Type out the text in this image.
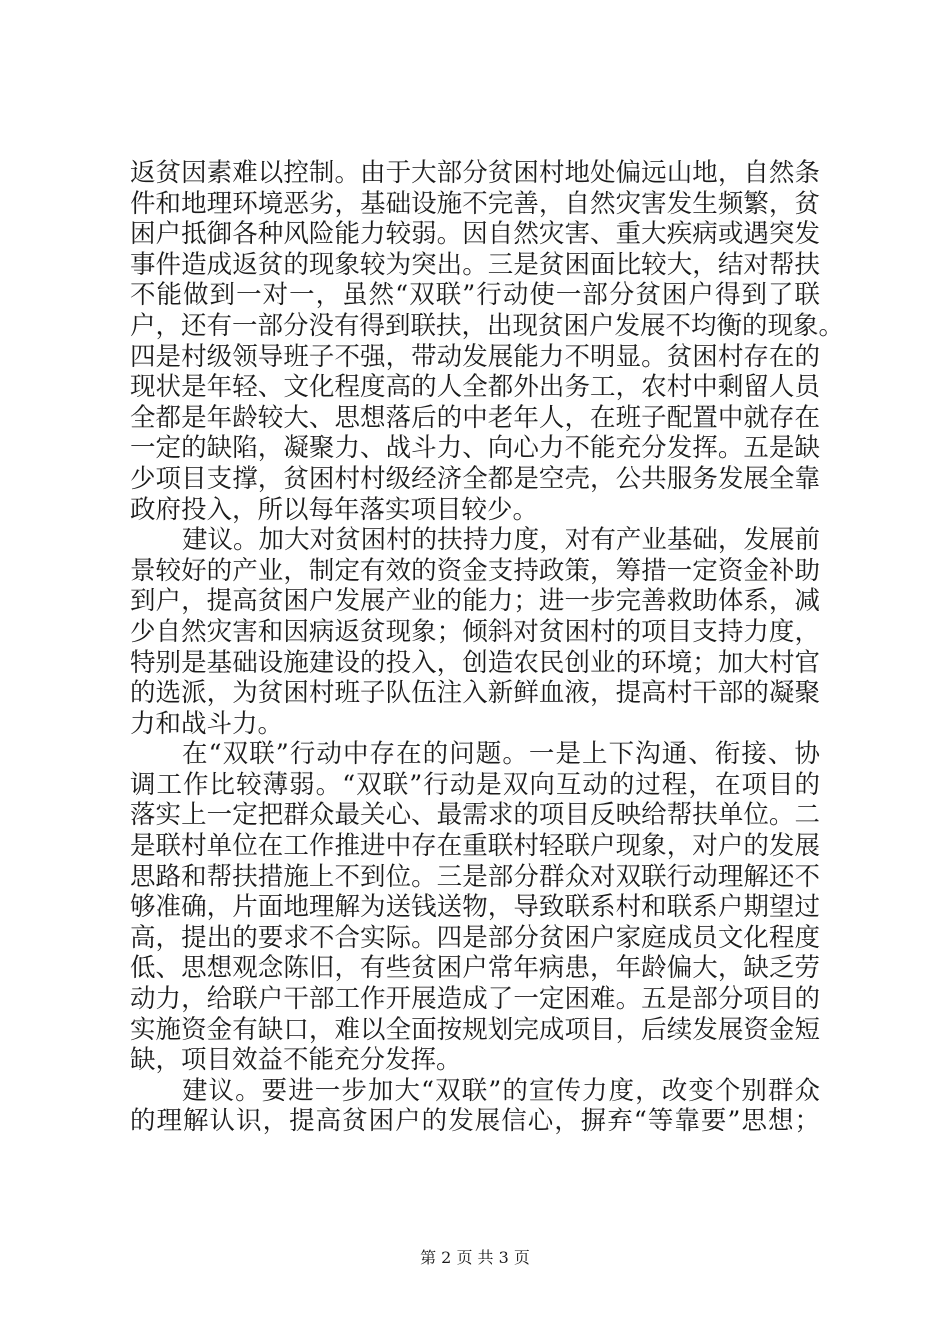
返贫因素难以控制。由于大部分贫困村地处偏远山地，自然条
件和地理环境恶劣，基础设施不完善，自然灾害发生频繁，贫
困户抵御各种风险能力较弱。因自然灾害、重大疾病或遇突发
事件造成返贫的现象较为突出。三是贫困面比较大，结对帮扶
不能做到一对一，虽然“双联”行动使一部分贫困户得到了联
户，还有一部分没有得到联扶，出现贫困户发展不均衡的现象。
四是村级领导班子不强，带动发展能力不明显。贫困村存在的
现状是年轻、文化程度高的人全都外出务工，农村中剩留人员
全都是年龄较大、思想落后的中老年人，在班子配置中就存在
一定的缺陷，凝聚力、战斗力、向心力不能充分发挥。五是缺
少项目支撑，贫困村村级经济全都是空壳，公共服务发展全靠
政府投入，所以每年落实项目较少。
建议。加大对贫困村的扶持力度，对有产业基础，发展前
景较好的产业，制定有效的资金支持政策，筹措一定资金补助
到户，提高贫困户发展产业的能力；进一步完善救助体系，减
少自然灾害和因病返贫现象；倾斜对贫困村的项目支持力度，
特别是基础设施建设的投入，创造农民创业的环境；加大村官
的选派，为贫困村班子队伍注入新鲜血液，提高村干部的凝聚
力和战斗力。
在“双联”行动中存在的问题。一是上下沟通、衔接、协
调工作比较薄弱。“双联”行动是双向互动的过程，在项目的
落实上一定把群众最关心、最需求的项目反映给帮扶单位。二
是联村单位在工作推进中存在重联村轻联户现象，对户的发展
思路和帮扶措施上不到位。三是部分群众对双联行动理解还不
够准确，片面地理解为送钱送物，导致联系村和联系户期望过
高，提出的要求不合实际。四是部分贫困户家庭成员文化程度
低、思想观念陈旧，有些贫困户常年病患，年龄偏大，缺乏劳
动力，给联户干部工作开展造成了一定困难。五是部分项目的
实施资金有缺口，难以全面按规划完成项目，后续发展资金短
缺，项目效益不能充分发挥。
建议。要进一步加大“双联”的宣传力度，改变个别群众
的理解认识，提高贫困户的发展信心，摒弃“等靠要”思想；
第 2 页 共 3 页
